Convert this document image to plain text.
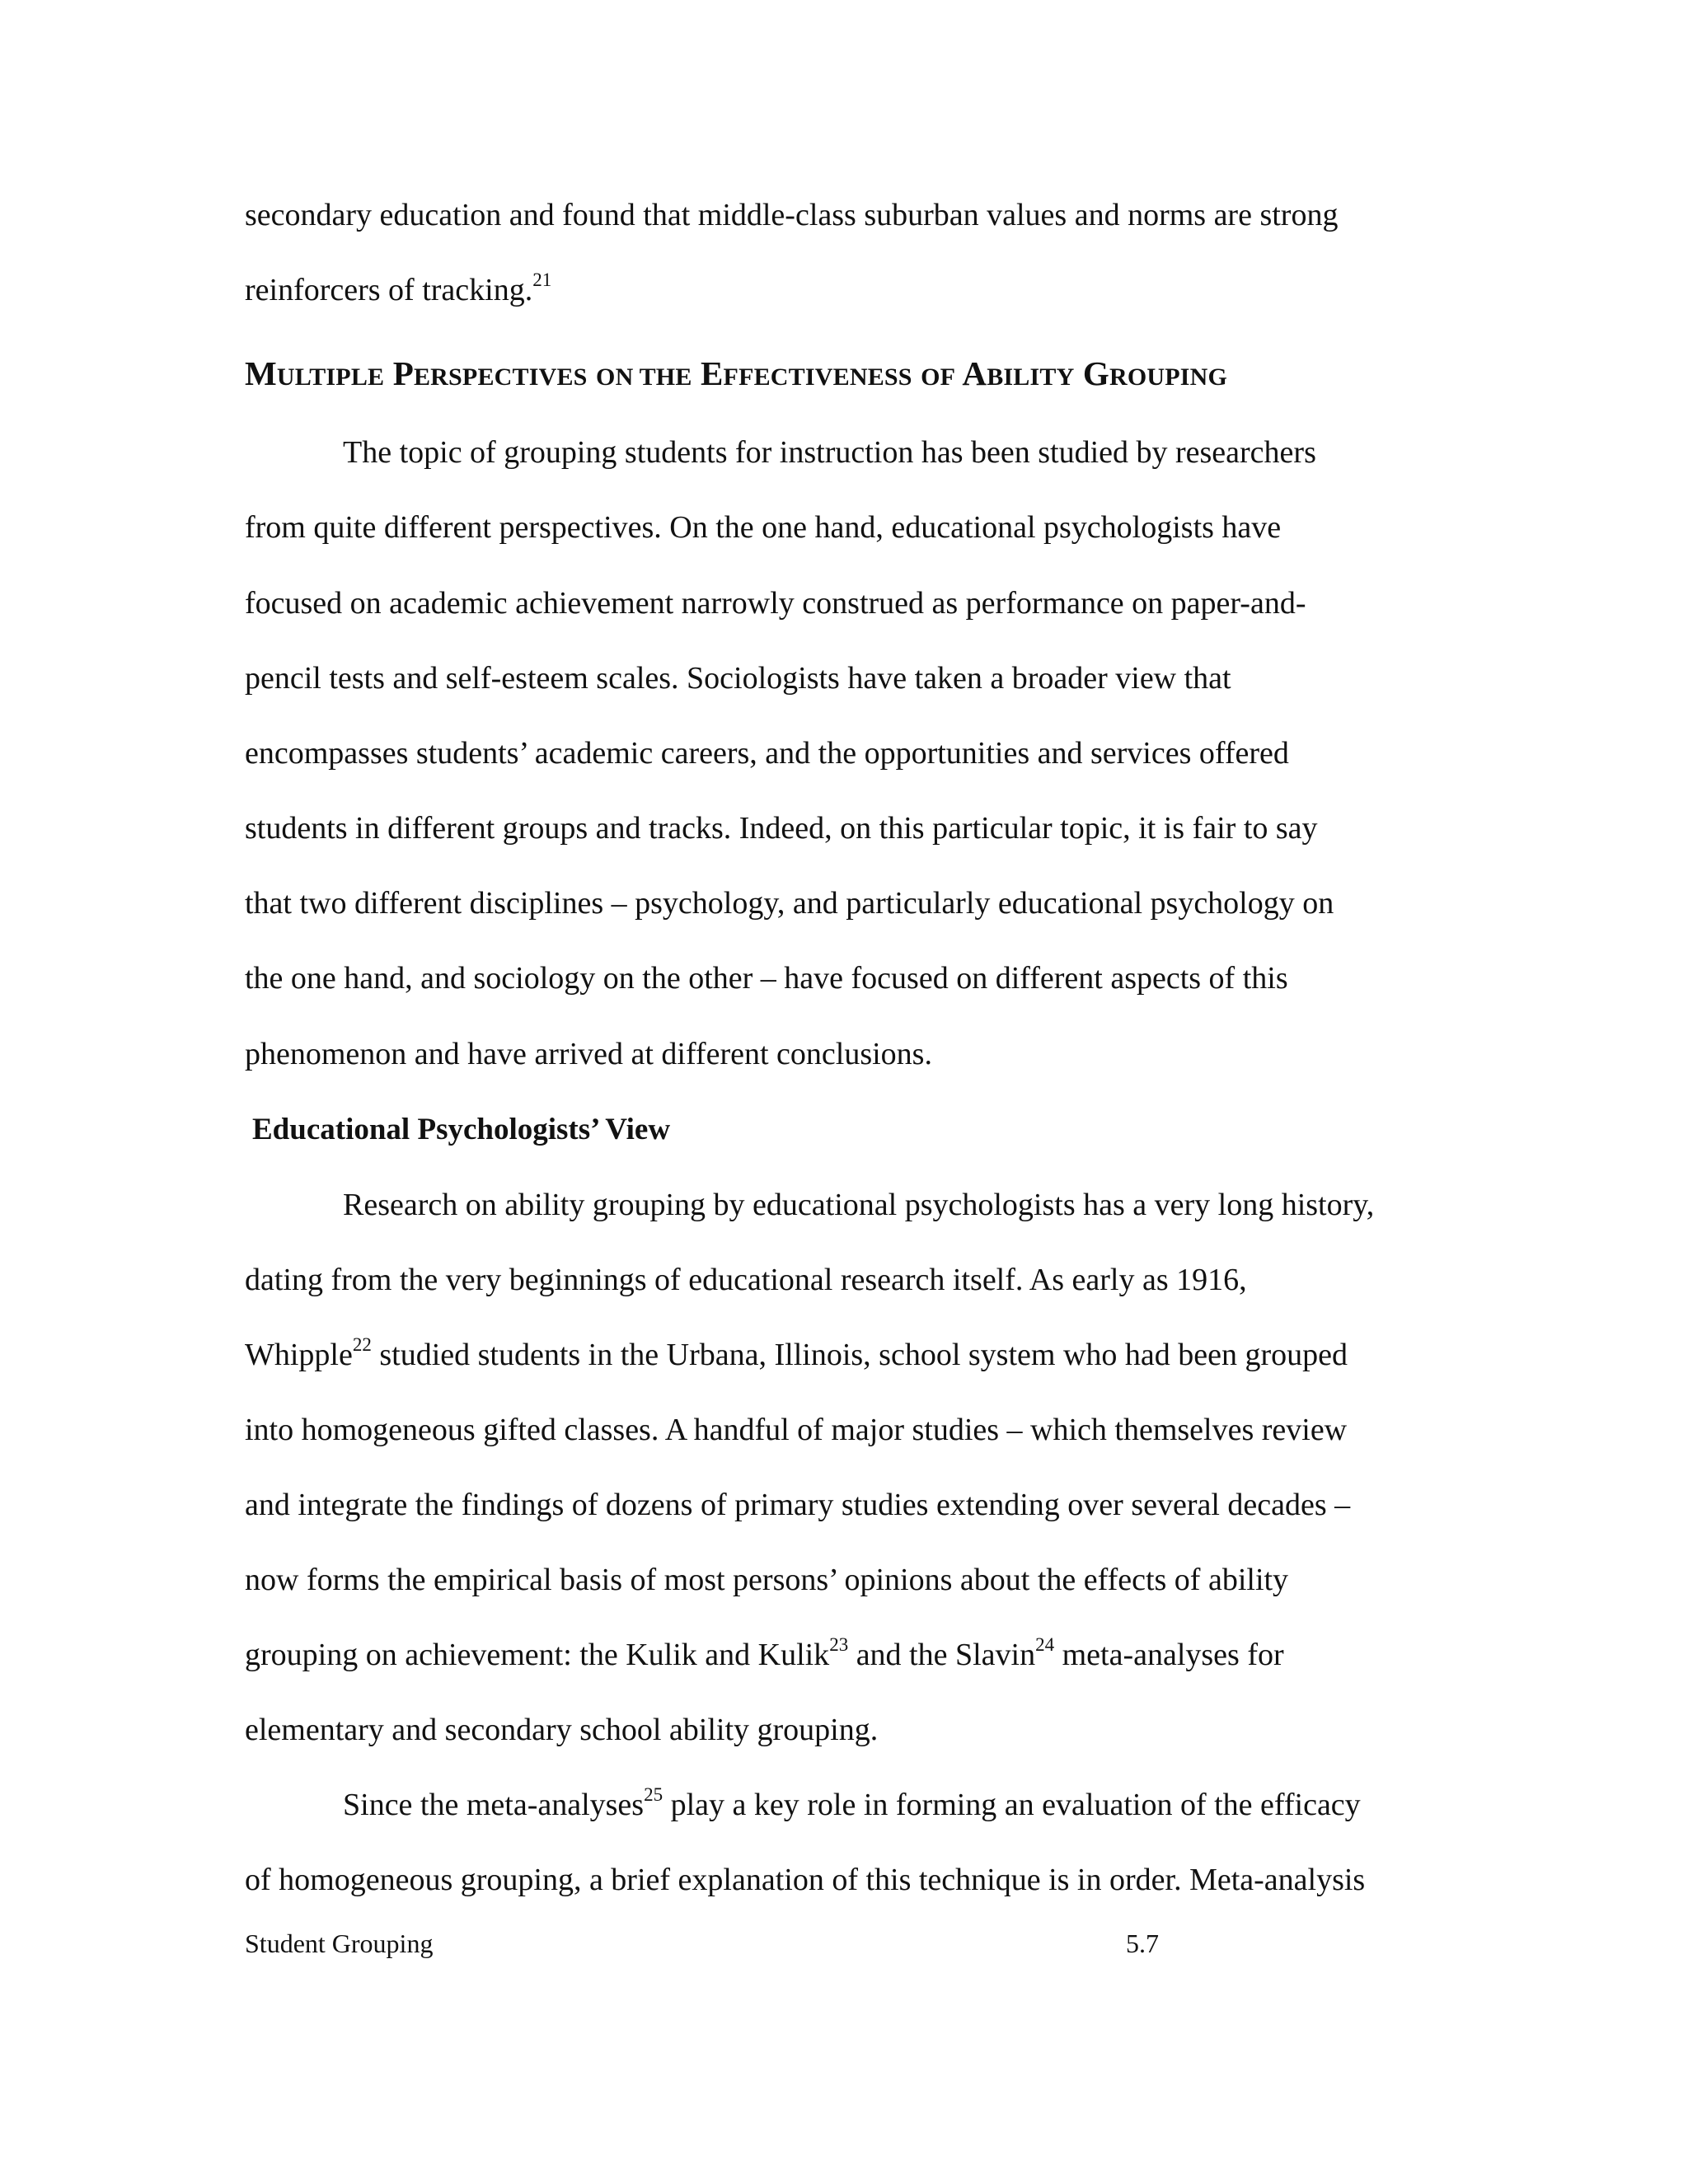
secondary education and found that middle-class suburban values and norms are strong
reinforcers of tracking.$^{21}$
MULTIPLE PERSPECTIVES ON THE EFFECTIVENESS OF ABILITY GROUPING
The topic of grouping students for instruction has been studied by researchers
from quite different perspectives. On the one hand, educational psychologists have
focused on academic achievement narrowly construed as performance on paper-and-
pencil tests and self-esteem scales. Sociologists have taken a broader view that
encompasses students’ academic careers, and the opportunities and services offered
students in different groups and tracks. Indeed, on this particular topic, it is fair to say
that two different disciplines – psychology, and particularly educational psychology on
the one hand, and sociology on the other – have focused on different aspects of this
phenomenon and have arrived at different conclusions.
Educational Psychologists’ View
Research on ability grouping by educational psychologists has a very long history,
dating from the very beginnings of educational research itself. As early as 1916,
Whipple$^{22}$ studied students in the Urbana, Illinois, school system who had been grouped
into homogeneous gifted classes. A handful of major studies – which themselves review
and integrate the findings of dozens of primary studies extending over several decades –
now forms the empirical basis of most persons’ opinions about the effects of ability
grouping on achievement: the Kulik and Kulik$^{23}$ and the Slavin$^{24}$ meta-analyses for
elementary and secondary school ability grouping.
Since the meta-analyses$^{25}$ play a key role in forming an evaluation of the efficacy
of homogeneous grouping, a brief explanation of this technique is in order. Meta-analysis
Student Grouping	5.7
